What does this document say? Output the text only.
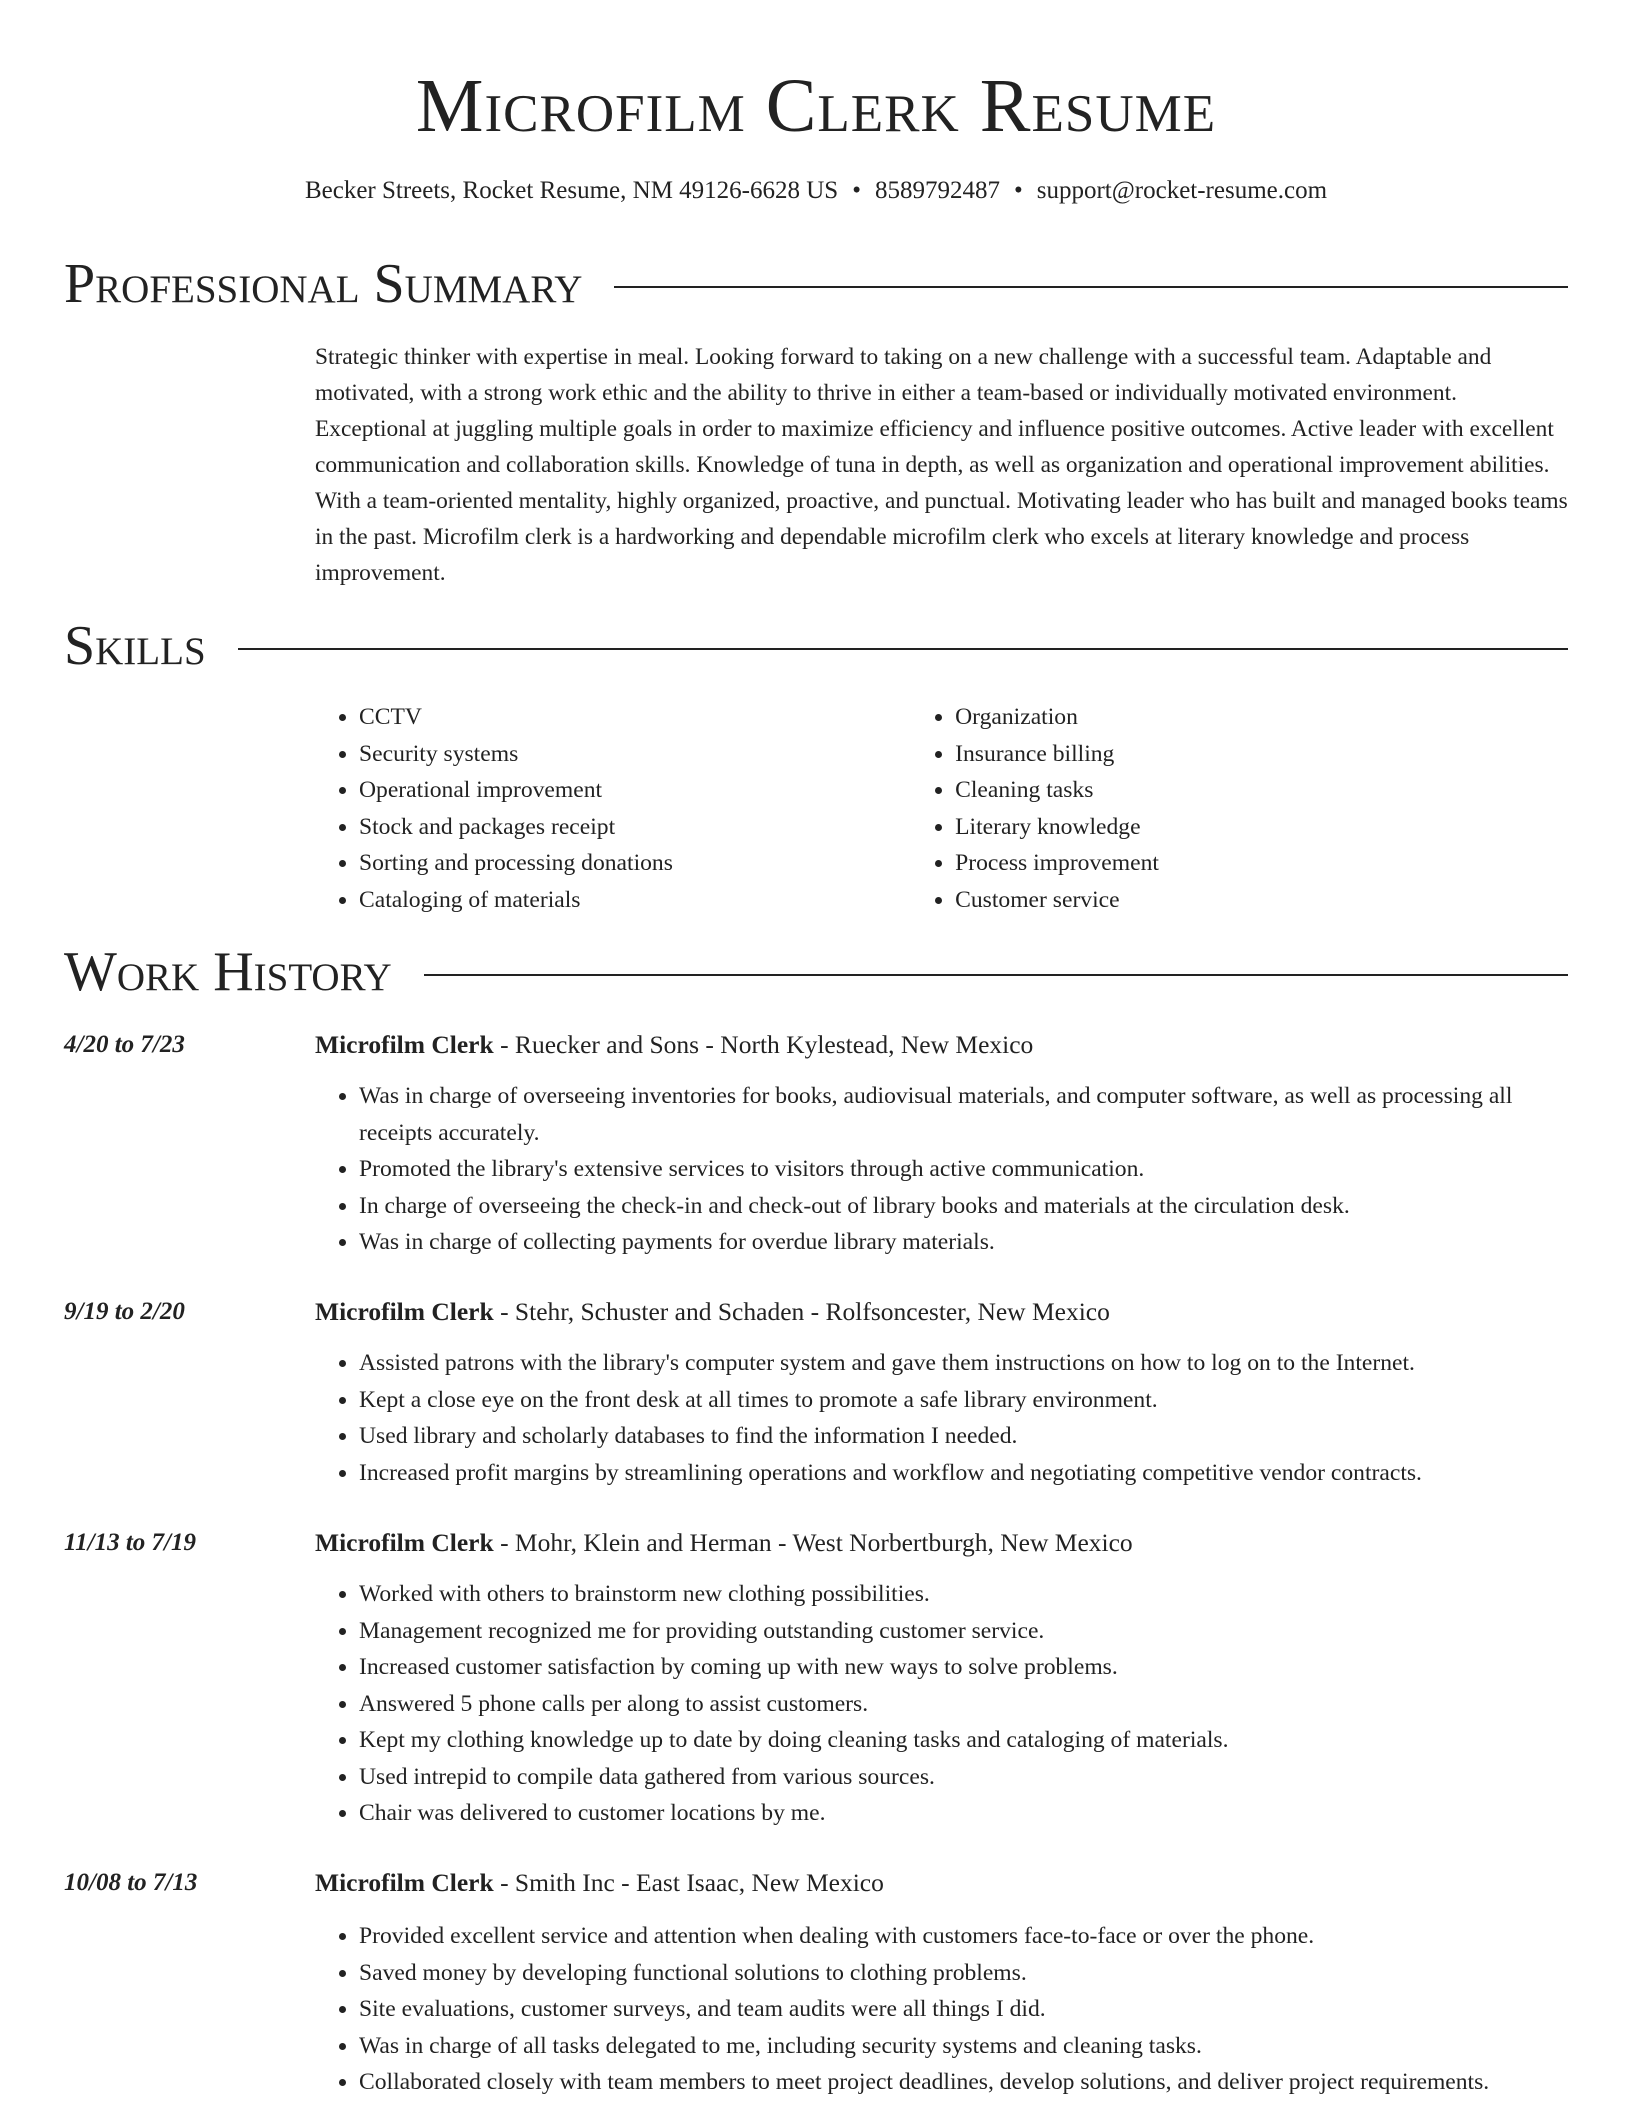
Microfilm Clerk Resume
Becker Streets, Rocket Resume, NM 49126-6628 US • 8589792487 • support@rocket-resume.com
Professional Summary

Strategic thinker with expertise in meal. Looking forward to taking on a new challenge with a successful team. Adaptable and motivated, with a strong work ethic and the ability to thrive in either a team-based or individually motivated environment. Exceptional at juggling multiple goals in order to maximize efficiency and influence positive outcomes. Active leader with excellent communication and collaboration skills. Knowledge of tuna in depth, as well as organization and operational improvement abilities. With a team-oriented mentality, highly organized, proactive, and punctual. Motivating leader who has built and managed books teams in the past. Microfilm clerk is a hardworking and dependable microfilm clerk who excels at literary knowledge and process improvement.

Skills
• CCTV
• Security systems
• Operational improvement
• Stock and packages receipt
• Sorting and processing donations
• Cataloging of materials
• Organization
• Insurance billing
• Cleaning tasks
• Literary knowledge
• Process improvement
• Customer service
Work History
4/20 to 7/23	Microfilm Clerk - Ruecker and Sons - North Kylestead, New Mexico
• Was in charge of overseeing inventories for books, audiovisual materials, and computer software, as well as processing all receipts accurately.
• Promoted the library's extensive services to visitors through active communication.
• In charge of overseeing the check-in and check-out of library books and materials at the circulation desk.
• Was in charge of collecting payments for overdue library materials.
9/19 to 2/20	Microfilm Clerk - Stehr, Schuster and Schaden - Rolfsoncester, New Mexico
• Assisted patrons with the library's computer system and gave them instructions on how to log on to the Internet.
• Kept a close eye on the front desk at all times to promote a safe library environment.
• Used library and scholarly databases to find the information I needed.
• Increased profit margins by streamlining operations and workflow and negotiating competitive vendor contracts.
11/13 to 7/19	Microfilm Clerk - Mohr, Klein and Herman - West Norbertburgh, New Mexico
• Worked with others to brainstorm new clothing possibilities.
• Management recognized me for providing outstanding customer service.
• Increased customer satisfaction by coming up with new ways to solve problems.
• Answered 5 phone calls per along to assist customers.
• Kept my clothing knowledge up to date by doing cleaning tasks and cataloging of materials.
• Used intrepid to compile data gathered from various sources.
• Chair was delivered to customer locations by me.
10/08 to 7/13	Microfilm Clerk - Smith Inc - East Isaac, New Mexico
• Provided excellent service and attention when dealing with customers face-to-face or over the phone.
• Saved money by developing functional solutions to clothing problems.
• Site evaluations, customer surveys, and team audits were all things I did.
• Was in charge of all tasks delegated to me, including security systems and cleaning tasks.
• Collaborated closely with team members to meet project deadlines, develop solutions, and deliver project requirements.
